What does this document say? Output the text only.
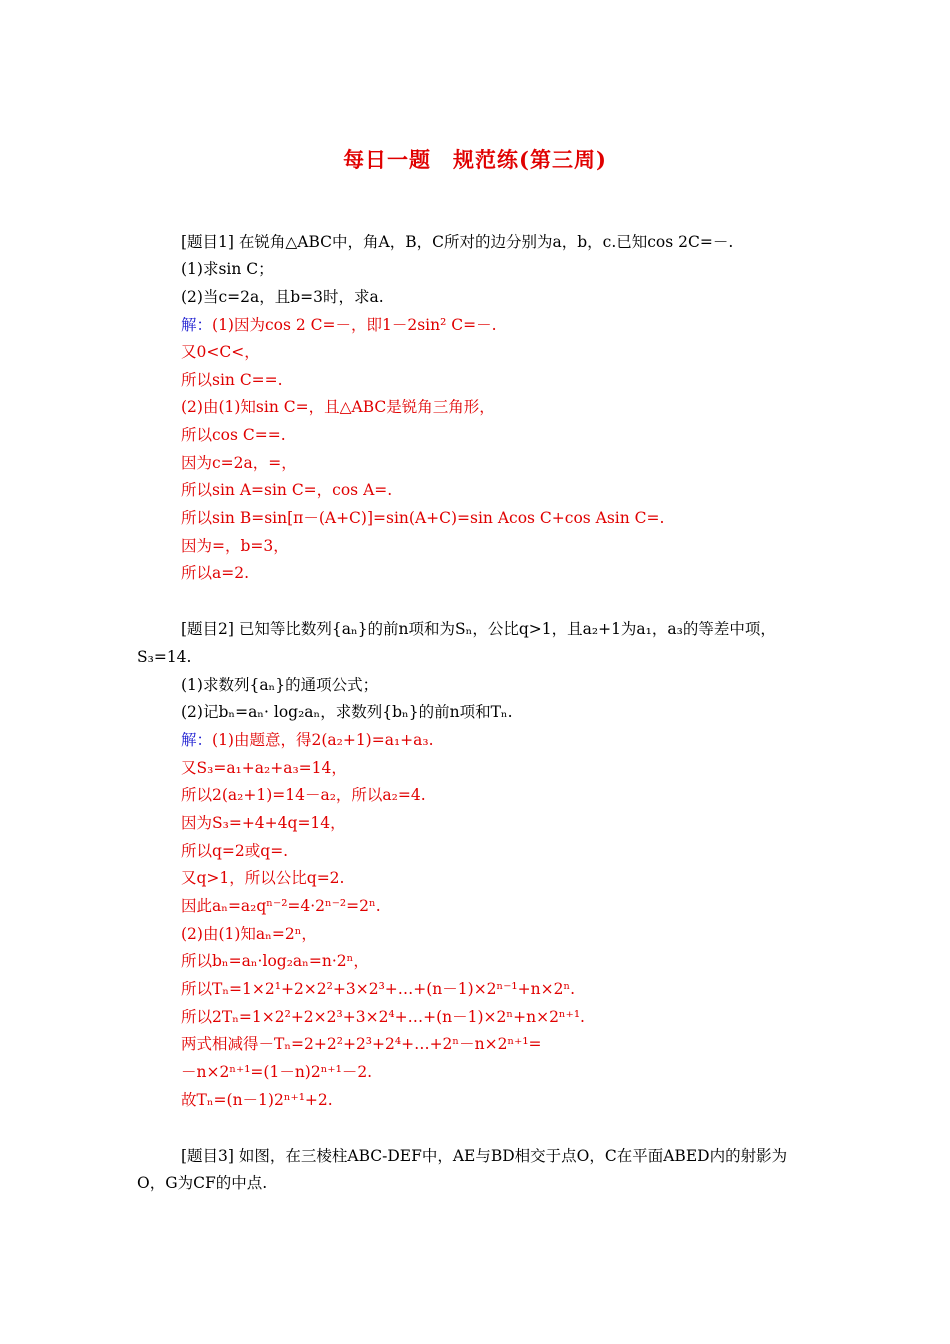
每日一题　规范练(第三周)
[题目1] 在锐角△ABC中，角A，B，C所对的边分别为a，b，c.已知cos 2C=－.
(1)求sin C；
(2)当c=2a，且b=3时，求a.
解：(1)因为cos 2 C=－，即1－2sin² C=－.
又0<C<，
所以sin C==.
(2)由(1)知sin C=，且△ABC是锐角三角形，
所以cos C==.
因为c=2a，=，
所以sin A=sin C=，cos A=.
所以sin B=sin[π－(A+C)]=sin(A+C)=sin Acos C+cos Asin C=.
因为=，b=3，
所以a=2.
[题目2] 已知等比数列{aₙ}的前n项和为Sₙ，公比q>1，且a₂+1为a₁，a₃的等差中项，
S₃=14.
(1)求数列{aₙ}的通项公式；
(2)记bₙ=aₙ· log₂aₙ，求数列{bₙ}的前n项和Tₙ.
解：(1)由题意，得2(a₂+1)=a₁+a₃.
又S₃=a₁+a₂+a₃=14，
所以2(a₂+1)=14－a₂，所以a₂=4.
因为S₃=+4+4q=14，
所以q=2或q=.
又q>1，所以公比q=2.
因此aₙ=a₂qⁿ⁻²=4·2ⁿ⁻²=2ⁿ.
(2)由(1)知aₙ=2ⁿ，
所以bₙ=aₙ·log₂aₙ=n·2ⁿ，
所以Tₙ=1×2¹+2×2²+3×2³+…+(n－1)×2ⁿ⁻¹+n×2ⁿ.
所以2Tₙ=1×2²+2×2³+3×2⁴+…+(n－1)×2ⁿ+n×2ⁿ⁺¹.
两式相减得－Tₙ=2+2²+2³+2⁴+…+2ⁿ－n×2ⁿ⁺¹=
－n×2ⁿ⁺¹=(1－n)2ⁿ⁺¹－2.
故Tₙ=(n－1)2ⁿ⁺¹+2.
[题目3] 如图，在三棱柱ABC-DEF中，AE与BD相交于点O，C在平面ABED内的射影为
O，G为CF的中点.
